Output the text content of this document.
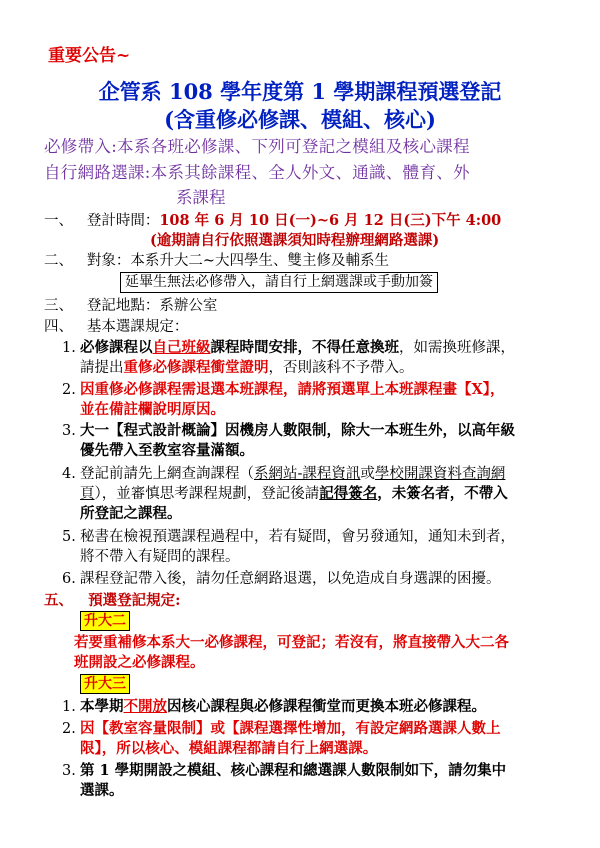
重要公告~
企管系 108 學年度第 1 學期課程預選登記
(含重修必修課、模組、核心)
必修帶入:本系各班必修課、下列可登記之模組及核心課程
自行網路選課:本系其餘課程、全人外文、通識、體育、外
系課程
一、 登計時間：108 年 6 月 10 日(一)~6 月 12 日(三)下午 4:00
(逾期請自行依照選課須知時程辦理網路選課)
二、 對象：本系升大二~大四學生、雙主修及輔系生
延畢生無法必修帶入，請自行上網選課或手動加簽
三、 登記地點：系辦公室
四、 基本選課規定：
1. 必修課程以自己班級課程時間安排，不得任意換班，如需換班修課，
請提出重修必修課程衝堂證明，否則該科不予帶入。
2. 因重修必修課程需退選本班課程，請將預選單上本班課程畫【X】，
並在備註欄說明原因。
3. 大一【程式設計概論】因機房人數限制，除大一本班生外，以高年級
優先帶入至教室容量滿額。
4. 登記前請先上網查詢課程（系網站-課程資訊或學校開課資料查詢網
頁），並審慎思考課程規劃，登記後請記得簽名，未簽名者，不帶入
所登記之課程。
5. 秘書在檢視預選課程過程中，若有疑問，會另發通知，通知未到者，
將不帶入有疑問的課程。
6. 課程登記帶入後，請勿任意網路退選，以免造成自身選課的困擾。
五、 預選登記規定:
升大二
若要重補修本系大一必修課程，可登記；若沒有，將直接帶入大二各
班開設之必修課程。
升大三
1. 本學期不開放因核心課程與必修課程衝堂而更換本班必修課程。
2. 因【教室容量限制】或【課程選擇性增加，有設定網路選課人數上
限】，所以核心、模組課程都請自行上網選課。
3. 第 1 學期開設之模組、核心課程和總選課人數限制如下，請勿集中
選課。
